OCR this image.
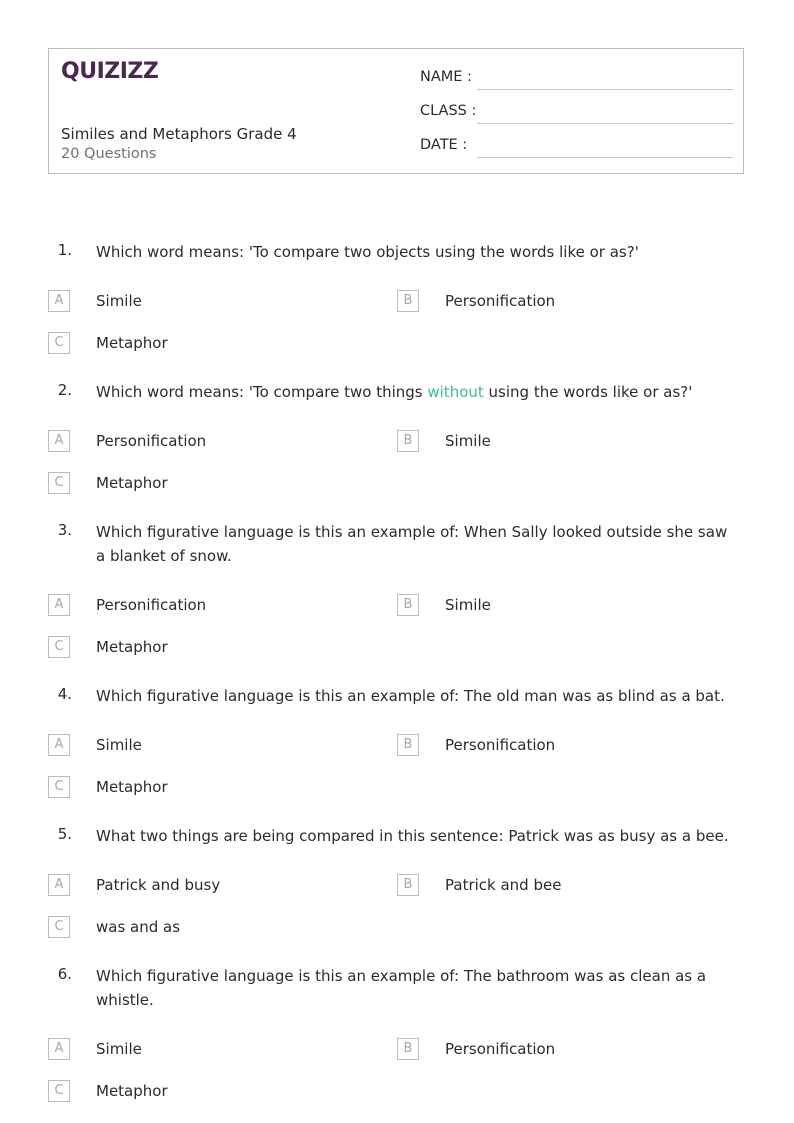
QUIZIZZ
Similes and Metaphors Grade 4
20 Questions
NAME :
CLASS :
DATE :
1. Which word means: 'To compare two objects using the words like or as?'
A	Simile	B	Personification
C	Metaphor
2. Which word means: 'To compare two things without using the words like or as?'
A	Personification	B	Simile
C	Metaphor
3. Which figurative language is this an example of: When Sally looked outside she saw a blanket of snow.
A	Personification	B	Simile
C	Metaphor
4. Which figurative language is this an example of: The old man was as blind as a bat.
A	Simile	B	Personification
C	Metaphor
5. What two things are being compared in this sentence: Patrick was as busy as a bee.
A	Patrick and busy	B	Patrick and bee
C	was and as
6. Which figurative language is this an example of: The bathroom was as clean as a whistle.
A	Simile	B	Personification
C	Metaphor
